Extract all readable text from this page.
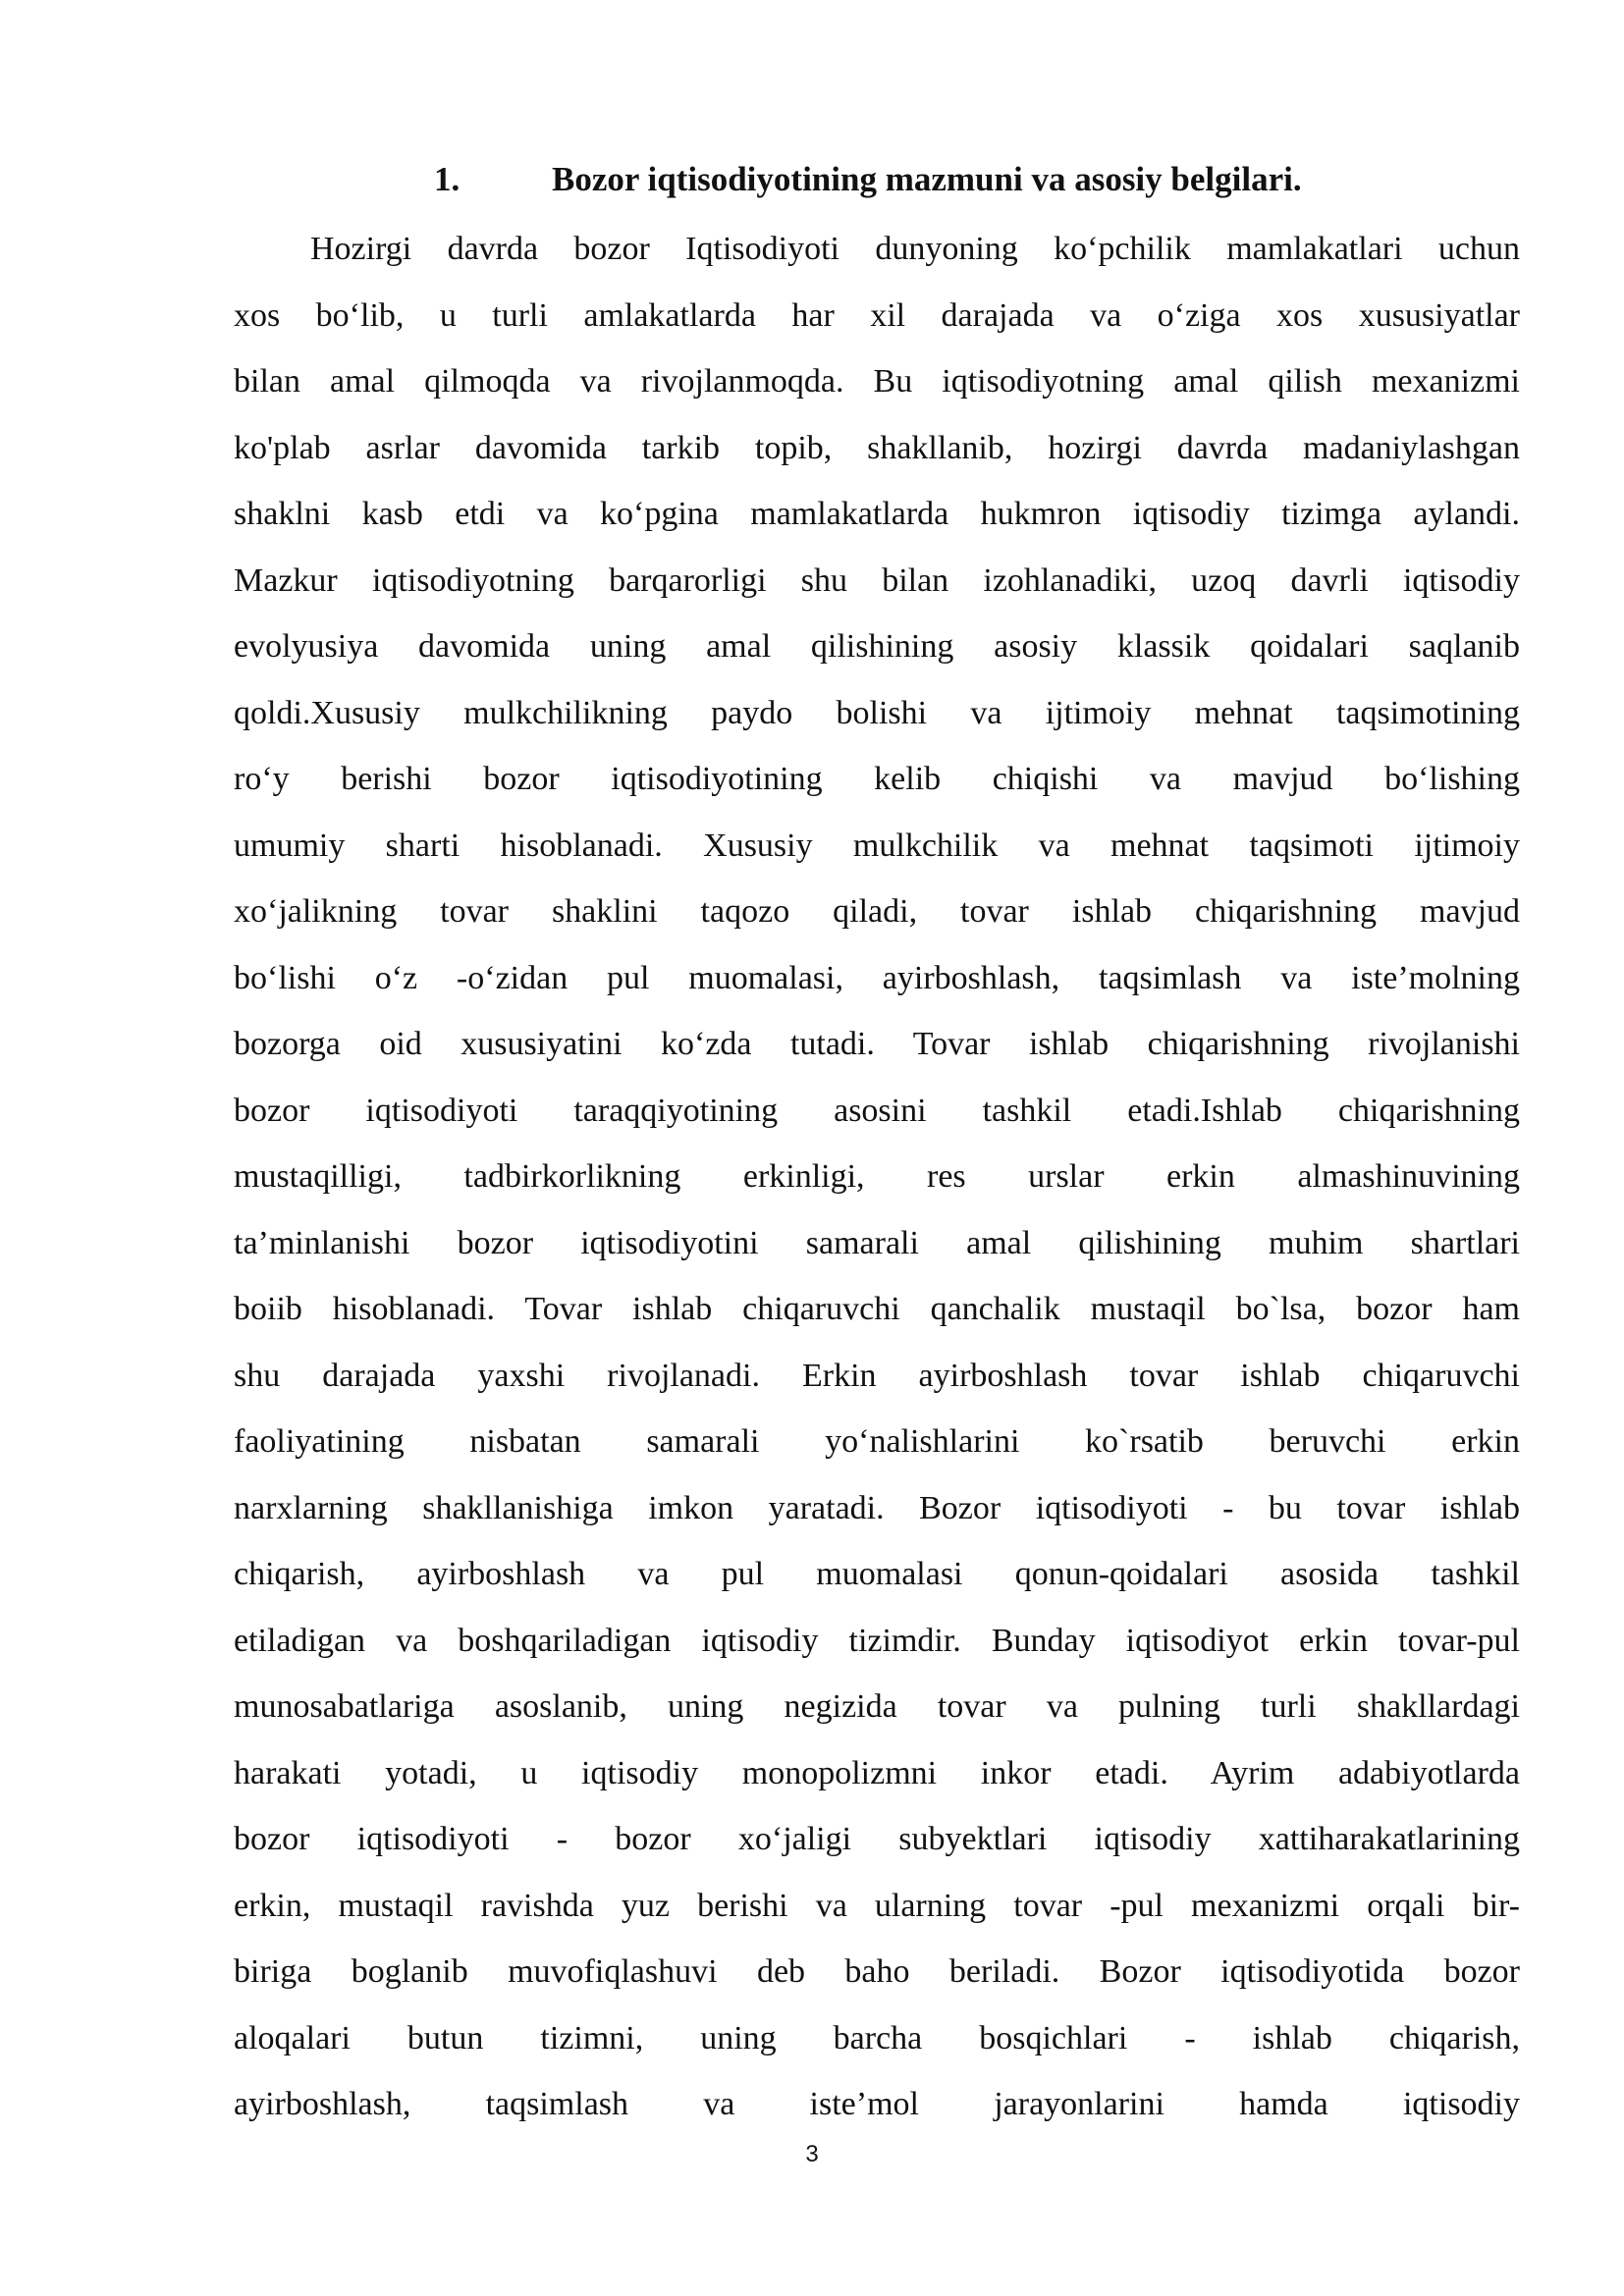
1.	Bozor iqtisodiyotining mazmuni va asosiy belgilari.
Hozirgi davrda bozor Iqtisodiyoti dunyoning ko‘pchilik mamlakatlari uchun
xos bo‘lib, u turli amlakatlarda har xil darajada va o‘ziga xos xususiyatlar
bilan amal qilmoqda va rivojlanmoqda. Bu iqtisodiyotning amal qilish mexanizmi
ko'plab asrlar davomida tarkib topib, shakllanib, hozirgi davrda madaniylashgan
shaklni kasb etdi va ko‘pgina mamlakatlarda hukmron iqtisodiy tizimga aylandi.
Mazkur iqtisodiyotning barqarorligi shu bilan izohlanadiki, uzoq davrli iqtisodiy
evolyusiya davomida uning amal qilishining asosiy klassik qoidalari saqlanib
qoldi.Xususiy mulkchilikning paydo bolishi va ijtimoiy mehnat taqsimotining
ro‘y berishi bozor iqtisodiyotining kelib chiqishi va mavjud bo‘lishing
umumiy sharti hisoblanadi. Xususiy mulkchilik va mehnat taqsimoti ijtimoiy
xo‘jalikning tovar shaklini taqozo qiladi, tovar ishlab chiqarishning mavjud
bo‘lishi o‘z -o‘zidan pul muomalasi, ayirboshlash, taqsimlash va iste’molning
bozorga oid xususiyatini ko‘zda tutadi. Tovar ishlab chiqarishning rivojlanishi
bozor iqtisodiyoti taraqqiyotining asosini tashkil etadi.Ishlab chiqarishning
mustaqilligi, tadbirkorlikning erkinligi, res urslar erkin almashinuvining
ta’minlanishi bozor iqtisodiyotini samarali amal qilishining muhim shartlari
boiib hisoblanadi. Tovar ishlab chiqaruvchi qanchalik mustaqil bo`lsa, bozor ham
shu darajada yaxshi rivojlanadi. Erkin ayirboshlash tovar ishlab chiqaruvchi
faoliyatining nisbatan samarali yo‘nalishlarini ko`rsatib beruvchi erkin
narxlarning shakllanishiga imkon yaratadi. Bozor iqtisodiyoti - bu tovar ishlab
chiqarish, ayirboshlash va pul muomalasi qonun-qoidalari asosida tashkil
etiladigan va boshqariladigan iqtisodiy tizimdir. Bunday iqtisodiyot erkin tovar-pul
munosabatlariga asoslanib, uning negizida tovar va pulning turli shakllardagi
harakati yotadi, u iqtisodiy monopolizmni inkor etadi. Ayrim adabiyotlarda
bozor iqtisodiyoti - bozor xo‘jaligi subyektlari iqtisodiy xattiharakatlarining
erkin, mustaqil ravishda yuz berishi va ularning tovar -pul mexanizmi orqali bir-
biriga boglanib muvofiqlashuvi deb baho beriladi. Bozor iqtisodiyotida bozor
aloqalari butun tizimni, uning barcha bosqichlari - ishlab chiqarish,
ayirboshlash, taqsimlash va iste’mol jarayonlarini hamda iqtisodiy
3
